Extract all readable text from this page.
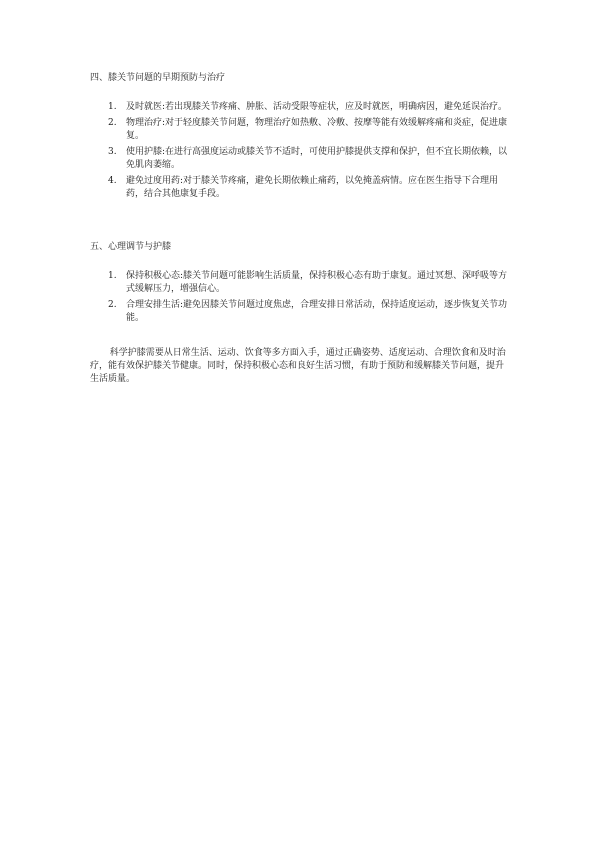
四、膝关节问题的早期预防与治疗
1.	及时就医:若出现膝关节疼痛、肿胀、活动受限等症状，应及时就医，明确病因，避免延误治疗。
2.	物理治疗:对于轻度膝关节问题，物理治疗如热敷、冷敷、按摩等能有效缓解疼痛和炎症，促进康复。
3.	使用护膝:在进行高强度运动或膝关节不适时，可使用护膝提供支撑和保护，但不宜长期依赖，以免肌肉萎缩。
4.	避免过度用药:对于膝关节疼痛，避免长期依赖止痛药，以免掩盖病情。应在医生指导下合理用药，结合其他康复手段。
五、心理调节与护膝
1.	保持积极心态:膝关节问题可能影响生活质量，保持积极心态有助于康复。通过冥想、深呼吸等方式缓解压力，增强信心。
2.	合理安排生活:避免因膝关节问题过度焦虑，合理安排日常活动，保持适度运动，逐步恢复关节功能。

科学护膝需要从日常生活、运动、饮食等多方面入手，通过正确姿势、适度运动、合理饮食和及时治疗，能有效保护膝关节健康。同时，保持积极心态和良好生活习惯，有助于预防和缓解膝关节问题，提升生活质量。
